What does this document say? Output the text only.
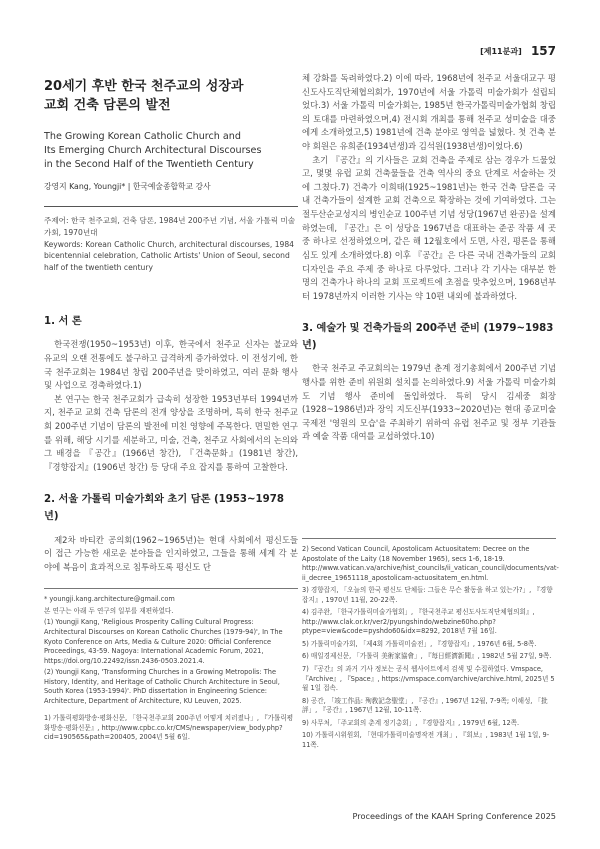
[제11분과] 157
20세기 후반 한국 천주교의 성장과
교회 건축 담론의 발전
The Growing Korean Catholic Church and
Its Emerging Church Architectural Discourses
in the Second Half of the Twentieth Century
강영지 Kang, Youngji* | 한국예술종합학교 강사

주제어: 한국 천주교회, 건축 담론, 1984년 200주년 기념, 서울 가톨릭 미술가회, 1970년대

Keywords: Korean Catholic Church, architectural discourses, 1984 bicentennial celebration, Catholic Artists' Union of Seoul, second half of the twentieth century

1. 서 론

한국전쟁(1950~1953년) 이후, 한국에서 천주교 신자는 불교와 유교의 오랜 전통에도 불구하고 급격하게 증가하였다. 이 전성기에, 한국 천주교회는 1984년 창립 200주년을 맞이하였고, 여러 문화 행사 및 사업으로 경축하였다.1)

본 연구는 한국 천주교회가 급속히 성장한 1953년부터 1994년까지, 천주교 교회 건축 담론의 전개 양상을 조명하며, 특히 한국 천주교회 200주년 기념이 담론의 발전에 미친 영향에 주목한다. 면밀한 연구를 위해, 해당 시기를 세분하고, 미술, 건축, 천주교 사회에서의 논의와 그 배경을 『공간』(1966년 창간), 『건축문화』(1981년 창간), 『경향잡지』(1906년 창간) 등 당대 주요 잡지를 통하여 고찰한다.

2. 서울 가톨릭 미술가회와 초기 담론 (1953~1978년)

제2차 바티칸 공의회(1962~1965년)는 현대 사회에서 평신도들이 접근 가능한 새로운 분야들을 인지하였고, 그들을 통해 세계 각 분야에 복음이 효과적으로 침투하도록 평신도 단

* youngji.kang.architecture@gmail.com

본 연구는 아래 두 연구의 일부를 재편하였다.

(1) Youngji Kang, 'Religious Prosperity Calling Cultural Progress: Architectural Discourses on Korean Catholic Churches (1979-94)', In The Kyoto Conference on Arts, Media & Culture 2020: Official Conference Proceedings, 43-59. Nagoya: International Academic Forum, 2021, https://doi.org/10.22492/issn.2436-0503.2021.4.

(2) Youngji Kang, 'Transforming Churches in a Growing Metropolis: The History, Identity, and Heritage of Catholic Church Architecture in Seoul, South Korea (1953-1994)'. PhD dissertation in Engineering Science: Architecture, Department of Architecture, KU Leuven, 2025.

1) 가톨릭평화방송·평화신문, 「한국천주교회 200주년 어떻게 치러졌나」, 『가톨릭평화방송·평화신문』, http://www.cpbc.co.kr/CMS/newspaper/view_body.php?cid=190565&path=200405, 2004년 5월 6일.

체 강화를 독려하였다.2) 이에 따라, 1968년에 천주교 서울대교구 평신도사도직단체협의회가, 1970년에 서울 가톨릭 미술가회가 설립되었다.3) 서울 가톨릭 미술가회는, 1985년 한국가톨릭미술가협회 창립의 토대를 마련하였으며,4) 전시회 개최를 통해 천주교 성미술을 대중에게 소개하였고,5) 1981년에 건축 분야로 영역을 넓혔다. 첫 건축 분야 회원은 유희준(1934년생)과 김석원(1938년생)이었다.6)

초기 『공간』의 기사들은 교회 건축을 주제로 삼는 경우가 드물었고, 몇몇 유럽 교회 건축물들을 건축 역사의 중요 단계로 서술하는 것에 그쳤다.7) 건축가 이희태(1925~1981년)는 한국 건축 담론을 국내 건축가들이 설계한 교회 건축으로 확장하는 것에 기여하였다. 그는 절두산순교성지의 병인순교 100주년 기념 성당(1967년 완공)을 설계하였는데, 『공간』은 이 성당을 1967년을 대표하는 준공 작품 세 곳 중 하나로 선정하였으며, 같은 해 12월호에서 도면, 사진, 평론을 통해 심도 있게 소개하였다.8) 이후 『공간』은 다른 국내 건축가들의 교회 디자인을 주요 주제 중 하나로 다루었다. 그러나 각 기사는 대부분 한 명의 건축가나 하나의 교회 프로젝트에 초점을 맞추었으며, 1968년부터 1978년까지 이러한 기사는 약 10편 내외에 불과하였다.

3. 예술가 및 건축가들의 200주년 준비 (1979~1983년)

한국 천주교 주교회의는 1979년 춘계 정기총회에서 200주년 기념 행사를 위한 준비 위원회 설치를 논의하였다.9) 서울 가톨릭 미술가회도 기념 행사 준비에 돌입하였다. 특히 당시 김세중 회장(1928~1986년)과 장익 지도신부(1933~2020년)는 현대 종교미술 국제전 '영원의 모습'을 주최하기 위하여 유럽 천주교 및 정부 기관들과 예술 작품 대여를 교섭하였다.10)

2) Second Vatican Council, Apostolicam Actuositatem: Decree on the Apostolate of the Laity (18 November 1965), secs 1-6, 18-19. http://www.vatican.va/archive/hist_councils/ii_vatican_council/documents/vat-ii_decree_19651118_apostolicam-actuositatem_en.html.

3) 경향잡지, 「오늘의 한국 평신도 단체들: 그들은 무슨 활동을 하고 있는가?」, 『경향잡지』, 1970년 11월, 20-22쪽.

4) 김주완, 「한국가톨릭미술가협회」, 『한국천주교 평신도사도직단체협의회』, http://www.clak.or.kr/ver2/pyungshindo/webzine60ho.php?ptype=view&code=pyshdo60&idx=8292, 2018년 7월 16일.

5) 가톨릭미술가회, 「제4회 가톨릭미술전」, 『경향잡지』, 1976년 6월, 5-8쪽.

6) 매일경제신문, 「가톨릭 美術家協會」, 『每日經濟新聞』, 1982년 5월 27일, 9쪽.

7) 『공간』의 과거 기사 정보는 공식 웹사이트에서 검색 및 수집하였다. Vmspace, 『Archive』, 『Space』, https://vmspace.com/archive/archive.html, 2025년 5월 1일 접속.

8) 공간, 「竣工作品: 殉敎記念聖堂」, 『공간』, 1967년 12월, 7-9쪽; 이해성, 「批評」, 『공간』, 1967년 12월, 10-11쪽.

9) 사무처, 「주교회의 춘계 정기총회」, 『경향잡지』, 1979년 6월, 12쪽.

10) 가톨릭시위원회, 「현대가톨릭미술명작전 개최」, 『회보』, 1983년 1월 1일, 9-11쪽.

Proceedings of the KAAH Spring Conference 2025
